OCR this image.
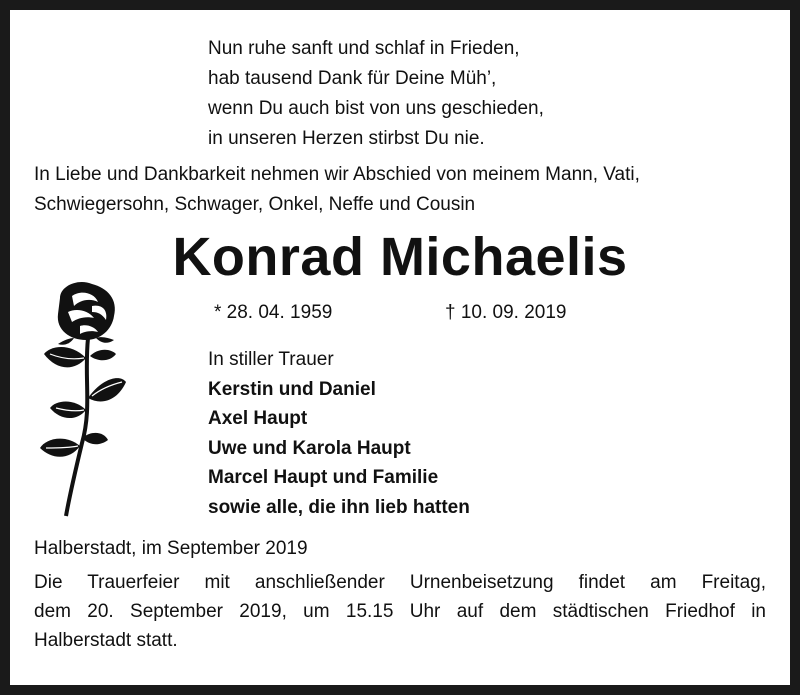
Nun ruhe sanft und schlaf in Frieden,
hab tausend Dank für Deine Müh’,
wenn Du auch bist von uns geschieden,
in unseren Herzen stirbst Du nie.
In Liebe und Dankbarkeit nehmen wir Abschied von meinem Mann, Vati,
Schwiegersohn, Schwager, Onkel, Neffe und Cousin
Konrad Michaelis
* 28. 04. 1959	† 10. 09. 2019
In stiller Trauer
Kerstin und Daniel
Axel Haupt
Uwe und Karola Haupt
Marcel Haupt und Familie
sowie alle, die ihn lieb hatten
Halberstadt, im September 2019
Die Trauerfeier mit anschließender Urnenbeisetzung findet am Freitag,
dem 20. September 2019, um 15.15 Uhr auf dem städtischen Friedhof in
Halberstadt statt.
